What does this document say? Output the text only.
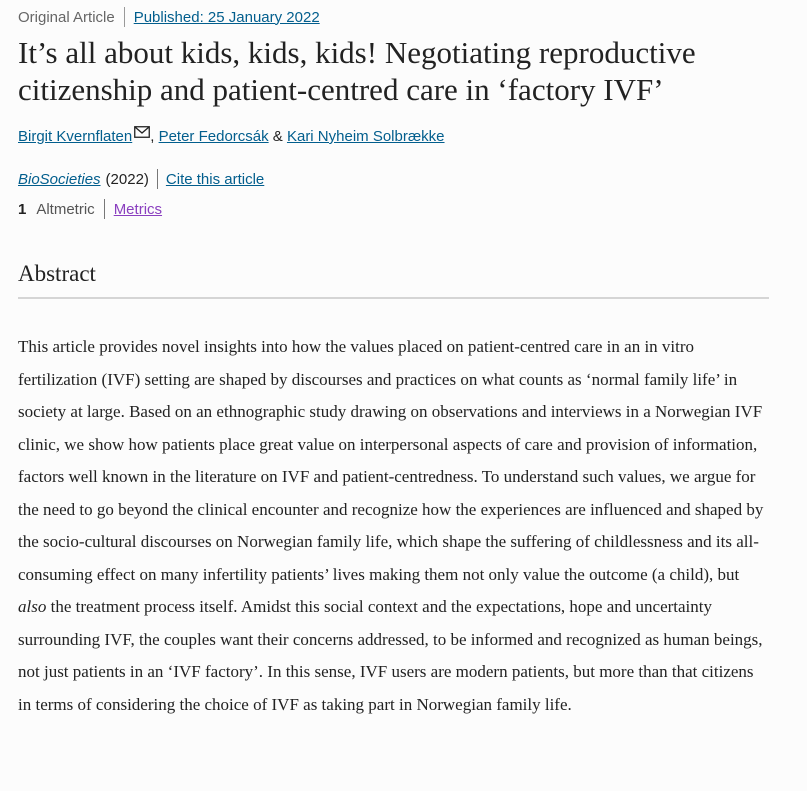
Original Article Published: 25 January 2022
It’s all about kids, kids, kids! Negotiating reproductive citizenship and patient-centred care in ‘factory IVF’
Birgit Kvernflaten , Peter Fedorcsák & Kari Nyheim Solbrække
BioSocieties (2022) Cite this article
1 Altmetric Metrics
Abstract

This article provides novel insights into how the values placed on patient-centred care in an in vitro fertilization (IVF) setting are shaped by discourses and practices on what counts as ‘normal family life’ in society at large. Based on an ethnographic study drawing on observations and interviews in a Norwegian IVF clinic, we show how patients place great value on interpersonal aspects of care and provision of information, factors well known in the literature on IVF and patient-centredness. To understand such values, we argue for the need to go beyond the clinical encounter and recognize how the experiences are influenced and shaped by the socio-cultural discourses on Norwegian family life, which shape the suffering of childlessness and its all-consuming effect on many infertility patients’ lives making them not only value the outcome (a child), but also the treatment process itself. Amidst this social context and the expectations, hope and uncertainty surrounding IVF, the couples want their concerns addressed, to be informed and recognized as human beings, not just patients in an ‘IVF factory’. In this sense, IVF users are modern patients, but more than that citizens in terms of considering the choice of IVF as taking part in Norwegian family life.
